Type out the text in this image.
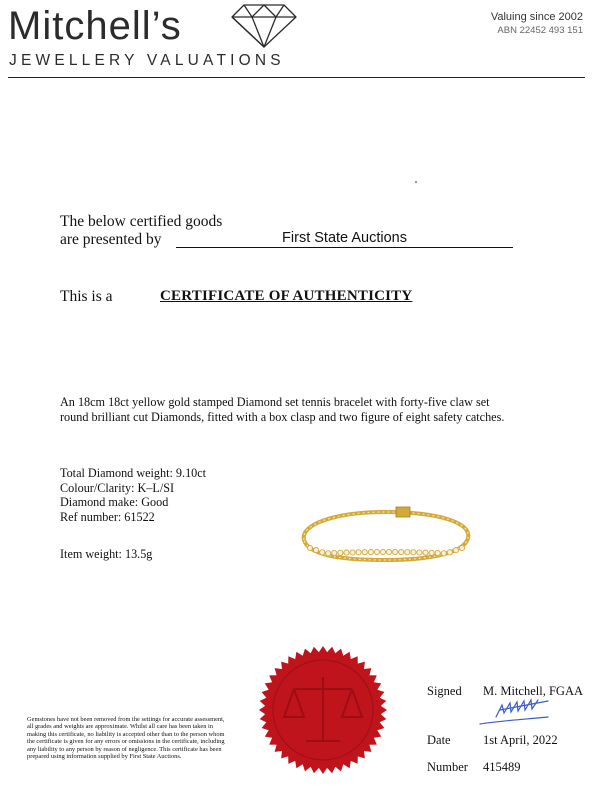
Mitchell’s
JEWELLERY VALUATIONS
Valuing since 2002
ABN 22452 493 151
The below certified goods
are presented by	First State Auctions
This is a	CERTIFICATE OF AUTHENTICITY
An 18cm 18ct yellow gold stamped Diamond set tennis bracelet with forty-five claw set round brilliant cut Diamonds, fitted with a box clasp and two figure of eight safety catches.
Total Diamond weight: 9.10ct
Colour/Clarity: K–L/SI
Diamond make: Good
Ref number: 61522
Item weight: 13.5g
Gemstones have not been removed from the settings for accurate assessment, all grades and weights are approximate. Whilst all care has been taken in making this certificate, no liability is accepted other than to the person whom the certificate is given for any errors or omissions in the certificate, including any liability to any person by reason of negligence. This certificate has been prepared using information supplied by First State Auctions.
Signed M. Mitchell, FGAA
Date	1st April, 2022
Number 415489
